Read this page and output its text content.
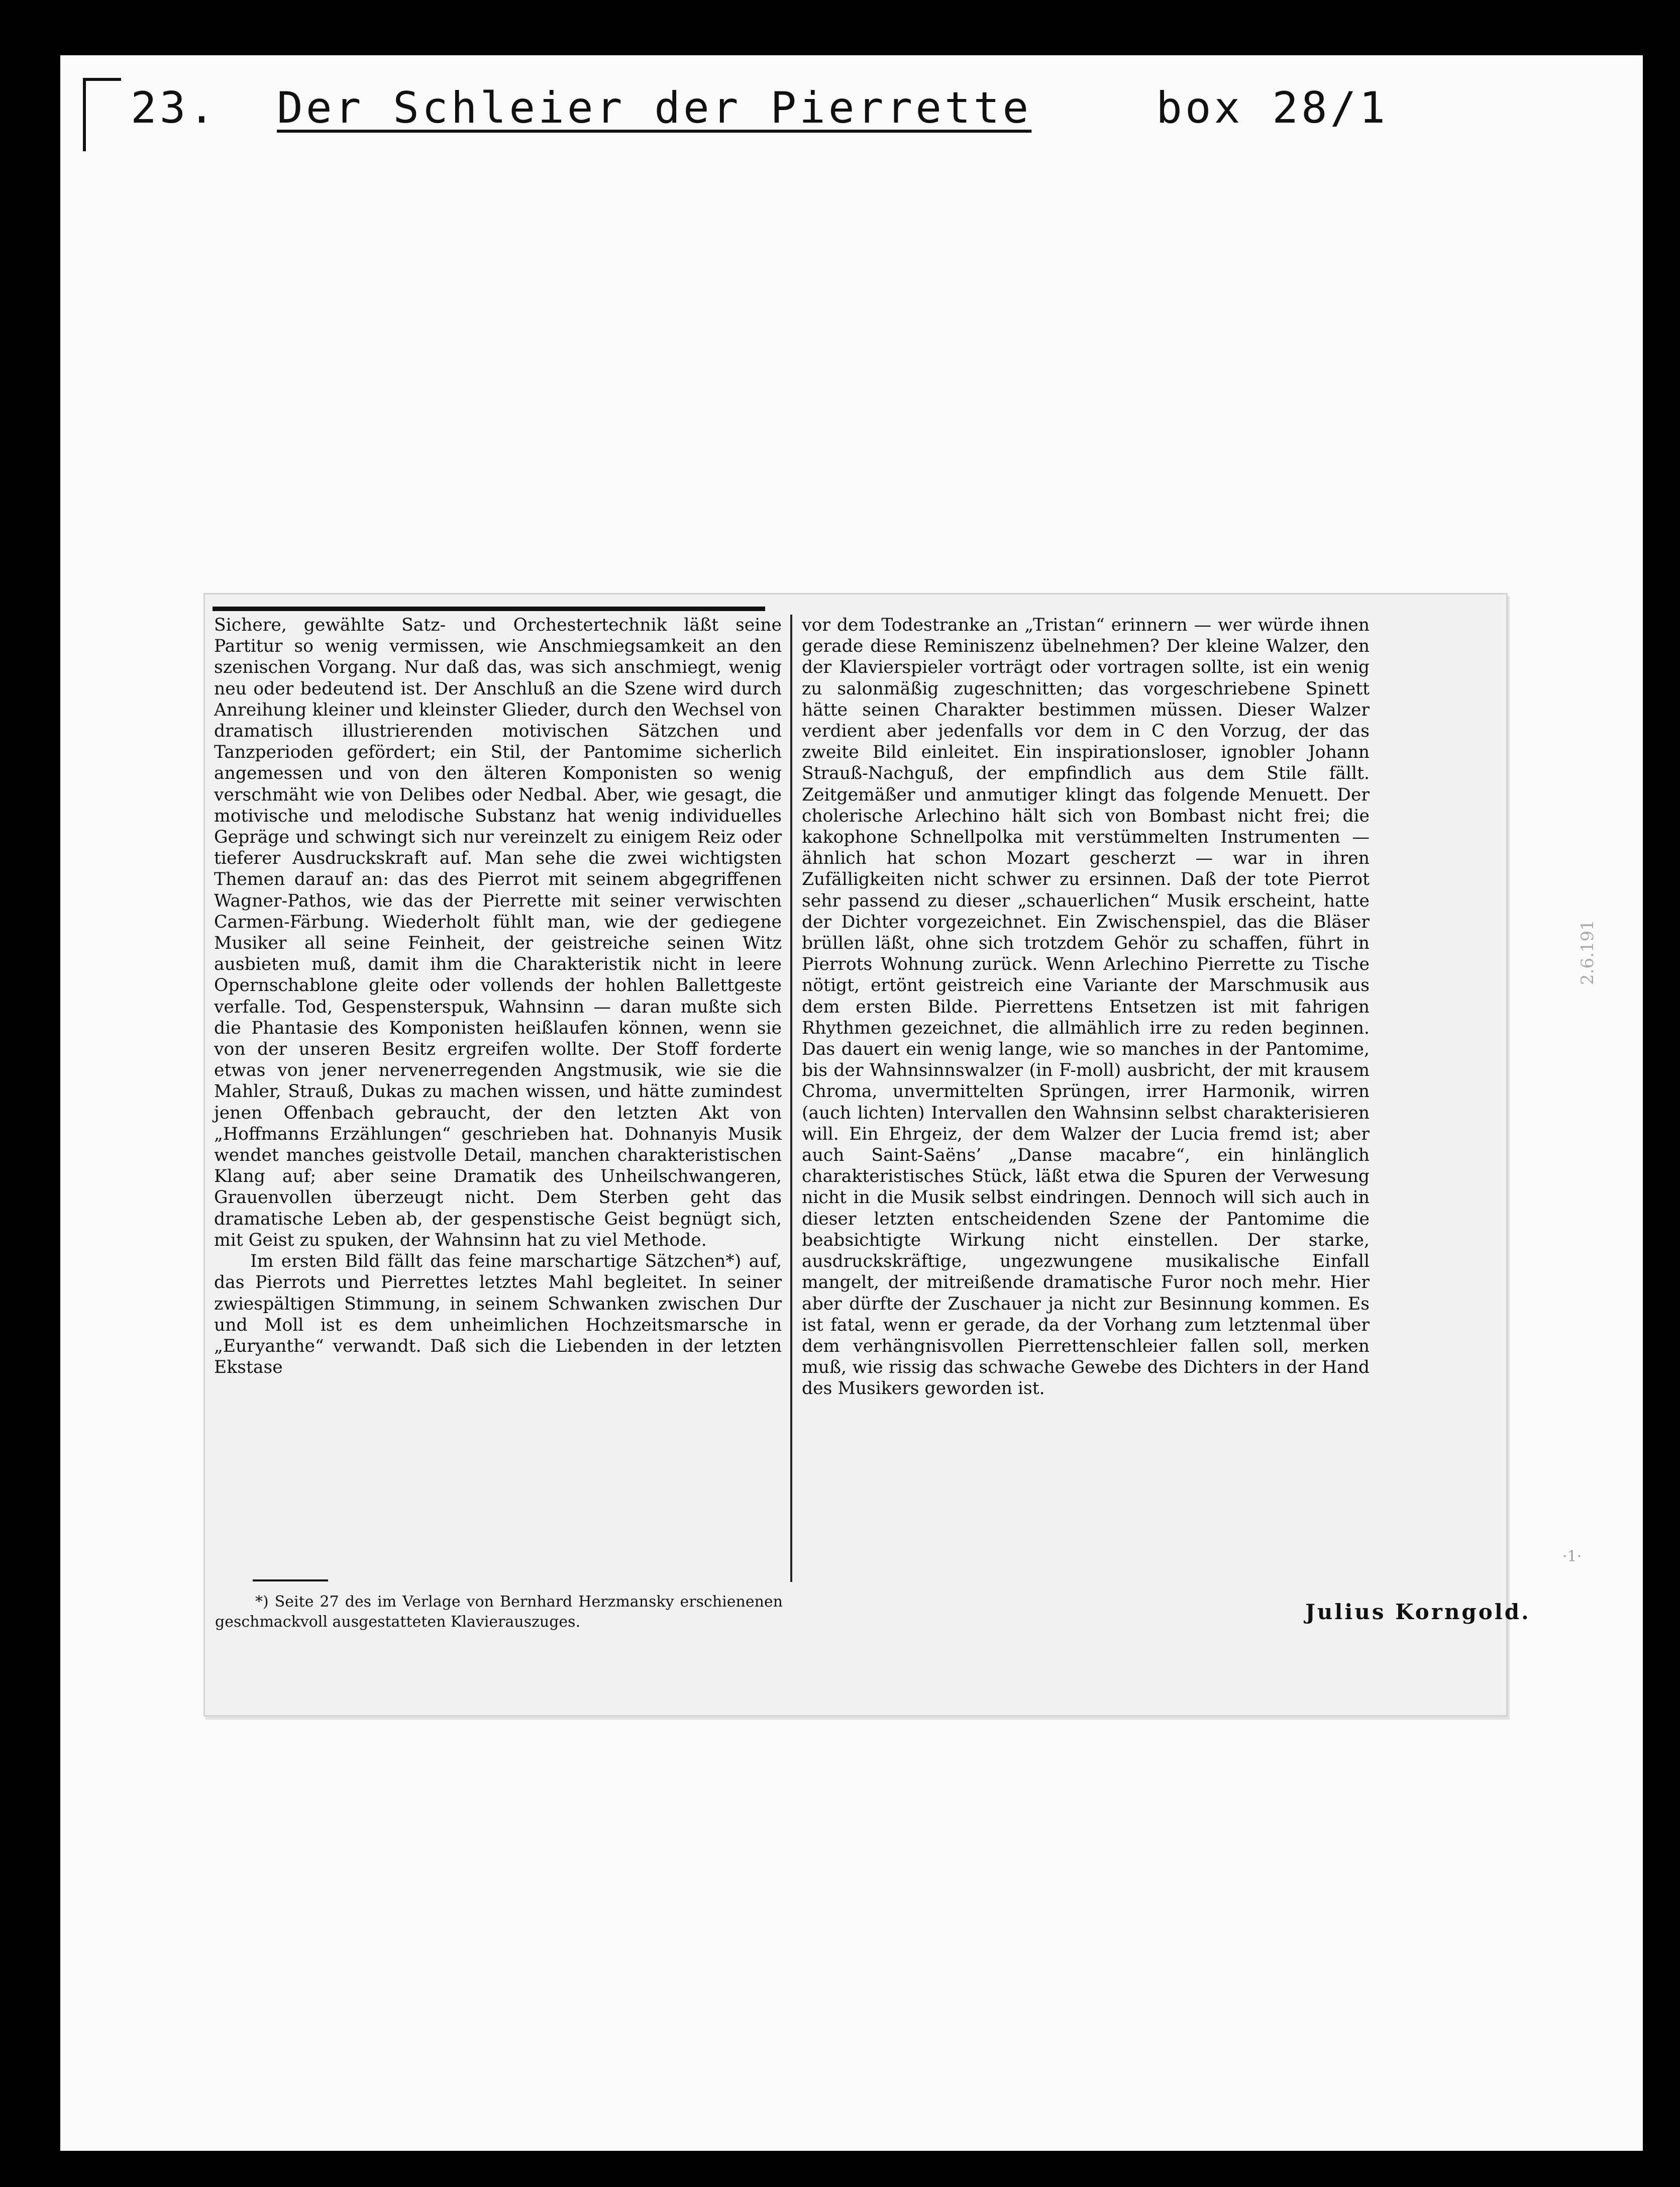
23. Der Schleier der Pierrette	box 28/1

Sichere, gewählte Satz- und Orchestertechnik läßt seine Partitur so wenig vermissen, wie Anschmiegsamkeit an den szenischen Vorgang. Nur daß das, was sich anschmiegt, wenig neu oder bedeutend ist. Der Anschluß an die Szene wird durch Anreihung kleiner und kleinster Glieder, durch den Wechsel von dramatisch illustrierenden motivischen Sätzchen und Tanzperioden gefördert; ein Stil, der Pantomime sicherlich angemessen und von den älteren Komponisten so wenig verschmäht wie von Delibes oder Nedbal. Aber, wie gesagt, die motivische und melodische Substanz hat wenig individuelles Gepräge und schwingt sich nur vereinzelt zu einigem Reiz oder tieferer Ausdruckskraft auf. Man sehe die zwei wichtigsten Themen darauf an: das des Pierrot mit seinem abgegriffenen Wagner-Pathos, wie das der Pierrette mit seiner verwischten Carmen-Färbung. Wiederholt fühlt man, wie der gediegene Musiker all seine Feinheit, der geistreiche seinen Witz ausbieten muß, damit ihm die Charakteristik nicht in leere Opernschablone gleite oder vollends der hohlen Ballettgeste verfalle. Tod, Gespensterspuk, Wahnsinn — daran mußte sich die Phantasie des Komponisten heißlaufen können, wenn sie von der unseren Besitz ergreifen wollte. Der Stoff forderte etwas von jener nervenerregenden Angstmusik, wie sie die Mahler, Strauß, Dukas zu machen wissen, und hätte zumindest jenen Offenbach gebraucht, der den letzten Akt von „Hoffmanns Erzählungen“ geschrieben hat. Dohnanyis Musik wendet manches geistvolle Detail, manchen charakteristischen Klang auf; aber seine Dramatik des Unheilschwangeren, Grauenvollen überzeugt nicht. Dem Sterben geht das dramatische Leben ab, der gespenstische Geist begnügt sich, mit Geist zu spuken, der Wahnsinn hat zu viel Methode.

Im ersten Bild fällt das feine marschartige Sätzchen*) auf, das Pierrots und Pierrettes letztes Mahl begleitet. In seiner zwiespältigen Stimmung, in seinem Schwanken zwischen Dur und Moll ist es dem unheimlichen Hochzeitsmarsche in „Euryanthe“ verwandt. Daß sich die Liebenden in der letzten Ekstase

vor dem Todestranke an „Tristan“ erinnern — wer würde ihnen gerade diese Reminiszenz übelnehmen? Der kleine Walzer, den der Klavierspieler vorträgt oder vortragen sollte, ist ein wenig zu salonmäßig zugeschnitten; das vorgeschriebene Spinett hätte seinen Charakter bestimmen müssen. Dieser Walzer verdient aber jedenfalls vor dem in C den Vorzug, der das zweite Bild einleitet. Ein inspirationsloser, ignobler Johann Strauß-Nachguß, der empfindlich aus dem Stile fällt. Zeitgemäßer und anmutiger klingt das folgende Menuett. Der cholerische Arlechino hält sich von Bombast nicht frei; die kakophone Schnellpolka mit verstümmelten Instrumenten — ähnlich hat schon Mozart gescherzt — war in ihren Zufälligkeiten nicht schwer zu ersinnen. Daß der tote Pierrot sehr passend zu dieser „schauerlichen“ Musik erscheint, hatte der Dichter vorgezeichnet. Ein Zwischenspiel, das die Bläser brüllen läßt, ohne sich trotzdem Gehör zu schaffen, führt in Pierrots Wohnung zurück. Wenn Arlechino Pierrette zu Tische nötigt, ertönt geistreich eine Variante der Marschmusik aus dem ersten Bilde. Pierrettens Entsetzen ist mit fahrigen Rhythmen gezeichnet, die allmählich irre zu reden beginnen. Das dauert ein wenig lange, wie so manches in der Pantomime, bis der Wahnsinnswalzer (in F-moll) ausbricht, der mit krausem Chroma, unvermittelten Sprüngen, irrer Harmonik, wirren (auch lichten) Intervallen den Wahnsinn selbst charakterisieren will. Ein Ehrgeiz, der dem Walzer der Lucia fremd ist; aber auch Saint-Saëns’ „Danse macabre“, ein hinlänglich charakteristisches Stück, läßt etwa die Spuren der Verwesung nicht in die Musik selbst eindringen. Dennoch will sich auch in dieser letzten entscheidenden Szene der Pantomime die beabsichtigte Wirkung nicht einstellen. Der starke, ausdruckskräftige, ungezwungene musikalische Einfall mangelt, der mitreißende dramatische Furor noch mehr. Hier aber dürfte der Zuschauer ja nicht zur Besinnung kommen. Es ist fatal, wenn er gerade, da der Vorhang zum letztenmal über dem verhängnisvollen Pierrettenschleier fallen soll, merken muß, wie rissig das schwache Gewebe des Dichters in der Hand des Musikers geworden ist.

*) Seite 27 des im Verlage von Bernhard Herzmansky erschienenen geschmackvoll ausgestatteten Klavierauszuges.	Julius Korngold.
2.6.191
·1·
